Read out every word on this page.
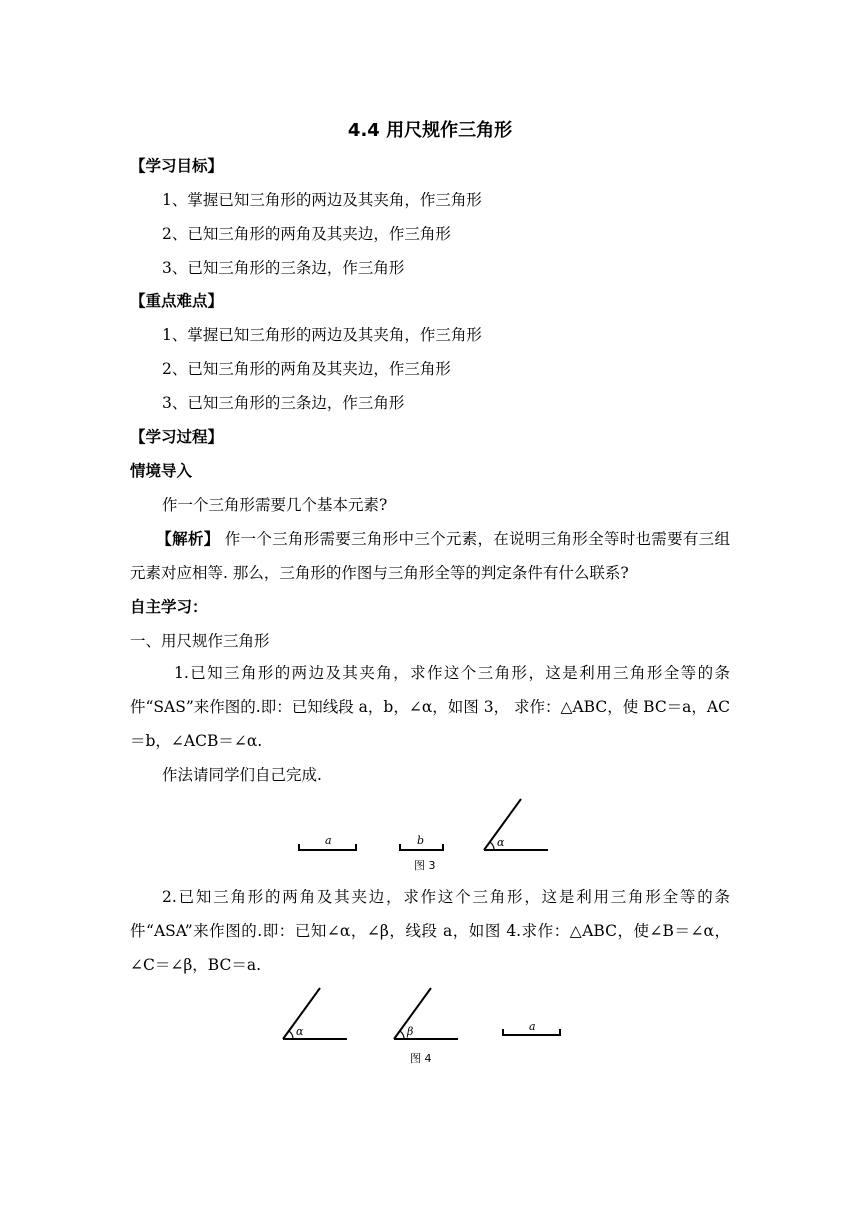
4.4 用尺规作三角形
【学习目标】
1、掌握已知三角形的两边及其夹角，作三角形
2、已知三角形的两角及其夹边，作三角形
3、已知三角形的三条边，作三角形
【重点难点】
1、掌握已知三角形的两边及其夹角，作三角形
2、已知三角形的两角及其夹边，作三角形
3、已知三角形的三条边，作三角形
【学习过程】
情境导入
作一个三角形需要几个基本元素?
【解析】 作一个三角形需要三角形中三个元素，在说明三角形全等时也需要有三组元素对应相等. 那么，三角形的作图与三角形全等的判定条件有什么联系?
自主学习：
一、用尺规作三角形
1.已知三角形的两边及其夹角，求作这个三角形，这是利用三角形全等的条件“SAS”来作图的.即：已知线段 a，b，∠α，如图 3， 求作：△ABC，使 BC＝a，AC＝b，∠ACB＝∠α.
作法请同学们自己完成.
a	b	α
图 3
2.已知三角形的两角及其夹边，求作这个三角形，这是利用三角形全等的条件“ASA”来作图的.即：已知∠α，∠β，线段 a，如图 4.求作：△ABC，使∠B＝∠α，∠C＝∠β，BC＝a.
α	β	a
图 4
